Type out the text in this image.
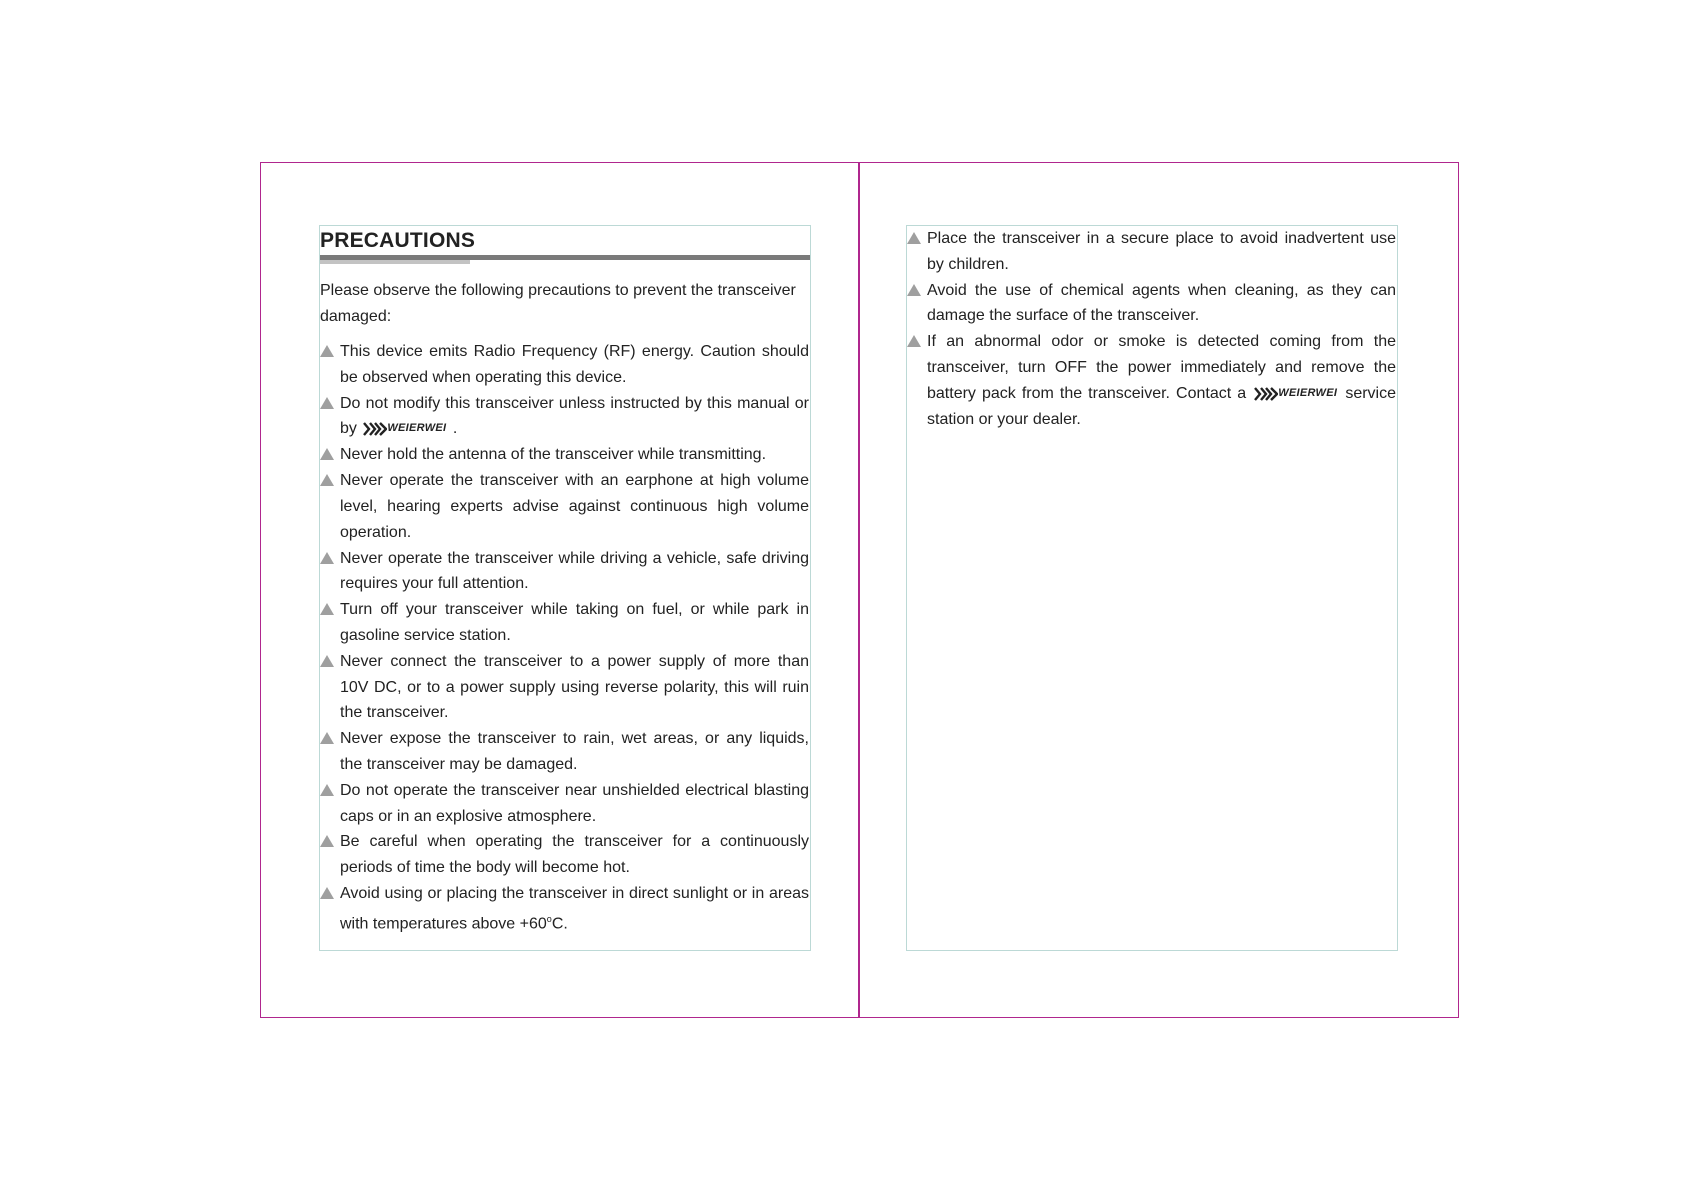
PRECAUTIONS
Please observe the following precautions to prevent the transceiver damaged:
This device emits Radio Frequency (RF) energy. Caution should be observed when operating this device.
Do not modify this transceiver unless instructed by this manual or by	WEIERWEI .
Never hold the antenna of the transceiver while transmitting.
Never operate the transceiver with an earphone at high volume level, hearing experts advise against continuous high volume operation.
Never operate the transceiver while driving a vehicle, safe driving requires your full attention.
Turn off your transceiver while taking on fuel, or while park in gasoline service station.
Never connect the transceiver to a power supply of more than 10V DC, or to a power supply using reverse polarity, this will ruin the transceiver.
Never expose the transceiver to rain, wet areas, or any liquids, the transceiver may be damaged.
Do not operate the transceiver near unshielded electrical blasting caps or in an explosive atmosphere.
Be careful when operating the transceiver for a continuously periods of time the body will become hot.
Avoid using or placing the transceiver in direct sunlight or in areas with temperatures above $+60^oC$.
Place the transceiver in a secure place to avoid inadvertent use by children.
Avoid the use of chemical agents when cleaning, as they can damage the surface of the transceiver.
If an abnormal odor or smoke is detected coming from the transceiver, turn OFF the power immediately and remove the battery pack from the transceiver. Contact a	WEIERWEI service station or your dealer.
